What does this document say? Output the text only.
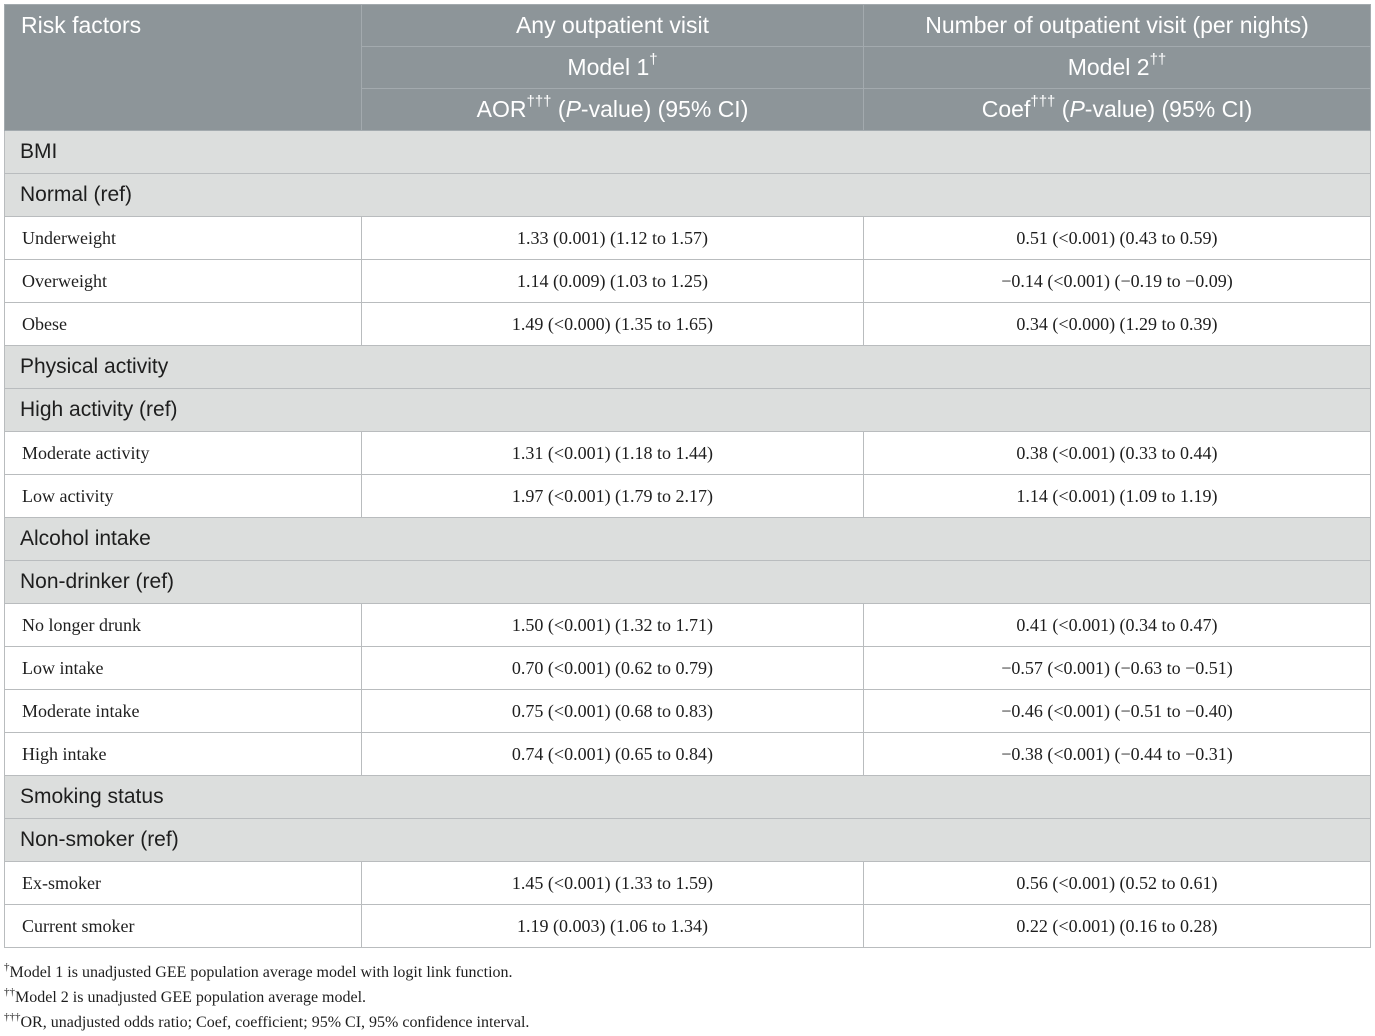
Risk factors	Any outpatient visit	Number of outpatient visit (per nights)
	Model 1†	Model 2††
	AOR††† (P-value) (95% CI)	Coef††† (P-value) (95% CI)
BMI		
Normal (ref)		
Underweight	1.33 (0.001) (1.12 to 1.57)	0.51 (<0.001) (0.43 to 0.59)
Overweight	1.14 (0.009) (1.03 to 1.25)	−0.14 (<0.001) (−0.19 to −0.09)
Obese	1.49 (<0.000) (1.35 to 1.65)	0.34 (<0.000) (1.29 to 0.39)
Physical activity		
High activity (ref)		
Moderate activity	1.31 (<0.001) (1.18 to 1.44)	0.38 (<0.001) (0.33 to 0.44)
Low activity	1.97 (<0.001) (1.79 to 2.17)	1.14 (<0.001) (1.09 to 1.19)
Alcohol intake		
Non-drinker (ref)		
No longer drunk	1.50 (<0.001) (1.32 to 1.71)	0.41 (<0.001) (0.34 to 0.47)
Low intake	0.70 (<0.001) (0.62 to 0.79)	−0.57 (<0.001) (−0.63 to −0.51)
Moderate intake	0.75 (<0.001) (0.68 to 0.83)	−0.46 (<0.001) (−0.51 to −0.40)
High intake	0.74 (<0.001) (0.65 to 0.84)	−0.38 (<0.001) (−0.44 to −0.31)
Smoking status		
Non-smoker (ref)		
Ex-smoker	1.45 (<0.001) (1.33 to 1.59)	0.56 (<0.001) (0.52 to 0.61)
Current smoker	1.19 (0.003) (1.06 to 1.34)	0.22 (<0.001) (0.16 to 0.28)
†Model 1 is unadjusted GEE population average model with logit link function.
††Model 2 is unadjusted GEE population average model.
†††OR, unadjusted odds ratio; Coef, coefficient; 95% CI, 95% confidence interval.
